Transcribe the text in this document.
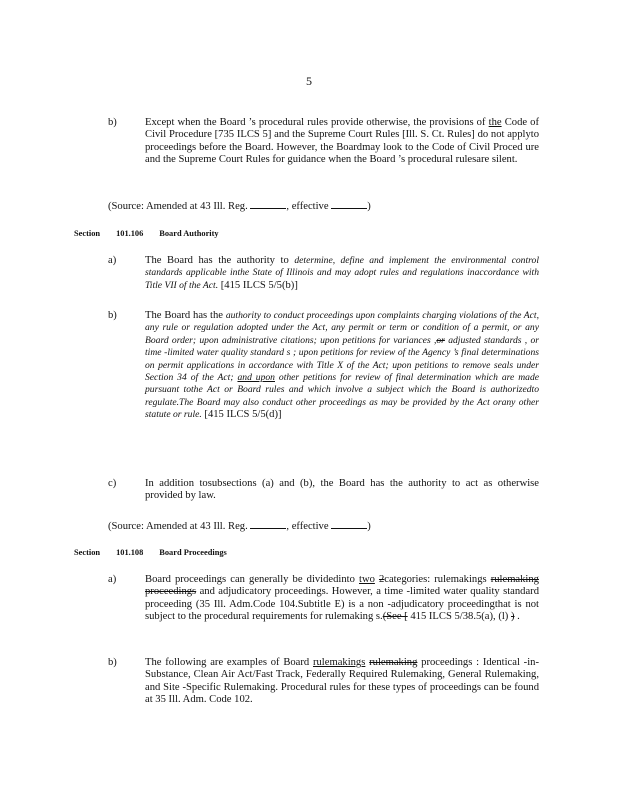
5
b)	Except when the Board ’s procedural rules provide otherwise, the provisions of the Code of Civil Procedure [735 ILCS 5] and the Supreme Court Rules [Ill. S. Ct. Rules] do not applyto proceedings before the Board. However, the Boardmay look to the Code of Civil Proced ure and the Supreme Court Rules for guidance when the Board ’s procedural rulesare silent.
(Source: Amended at 43 Ill. Reg.	, effective	)
Section 101.106 Board Authority
a)	The Board has the authority to determine, define and implement the environmental control standards applicable inthe State of Illinois and may adopt rules and regulations inaccordance with Title VII of the Act. [415 ILCS 5/5(b)]
b)	The Board has the authority to conduct proceedings upon complaints charging violations of the Act, any rule or regulation adopted under the Act, any permit or term or condition of a permit, or any Board order; upon administrative citations; upon petitions for variances ,or adjusted standards , or time -limited water quality standard s ; upon petitions for review of the Agency ’s final determinations on permit applications in accordance with Title X of the Act; upon petitions to remove seals under Section 34 of the Act; and upon other petitions for review of final determination which are made pursuant tothe Act or Board rules and which involve a subject which the Board is authorizedto regulate.The Board may also conduct other proceedings as may be provided by the Act orany other statute or rule. [415 ILCS 5/5(d)]
c)	In addition tosubsections (a) and (b), the Board has the authority to act as otherwise provided by law.
(Source: Amended at 43 Ill. Reg.	, effective	)
Section 101.108 Board Proceedings
a)	Board proceedings can generally be dividedinto two 2categories: rulemakings rulemaking proceedings and adjudicatory proceedings. However, a time -limited water quality standard proceeding (35 Ill. Adm.Code 104.Subtitle E) is a non -adjudicatory proceedingthat is not subject to the procedural requirements for rulemaking s.(See [ 415 ILCS 5/38.5(a), (l) ) .
b)	The following are examples of Board rulemakings rulemaking proceedings : Identical -in-Substance, Clean Air Act/Fast Track, Federally Required Rulemaking, General Rulemaking, and Site -Specific Rulemaking. Procedural rules for these types of proceedings can be found at 35 Ill. Adm. Code 102.
